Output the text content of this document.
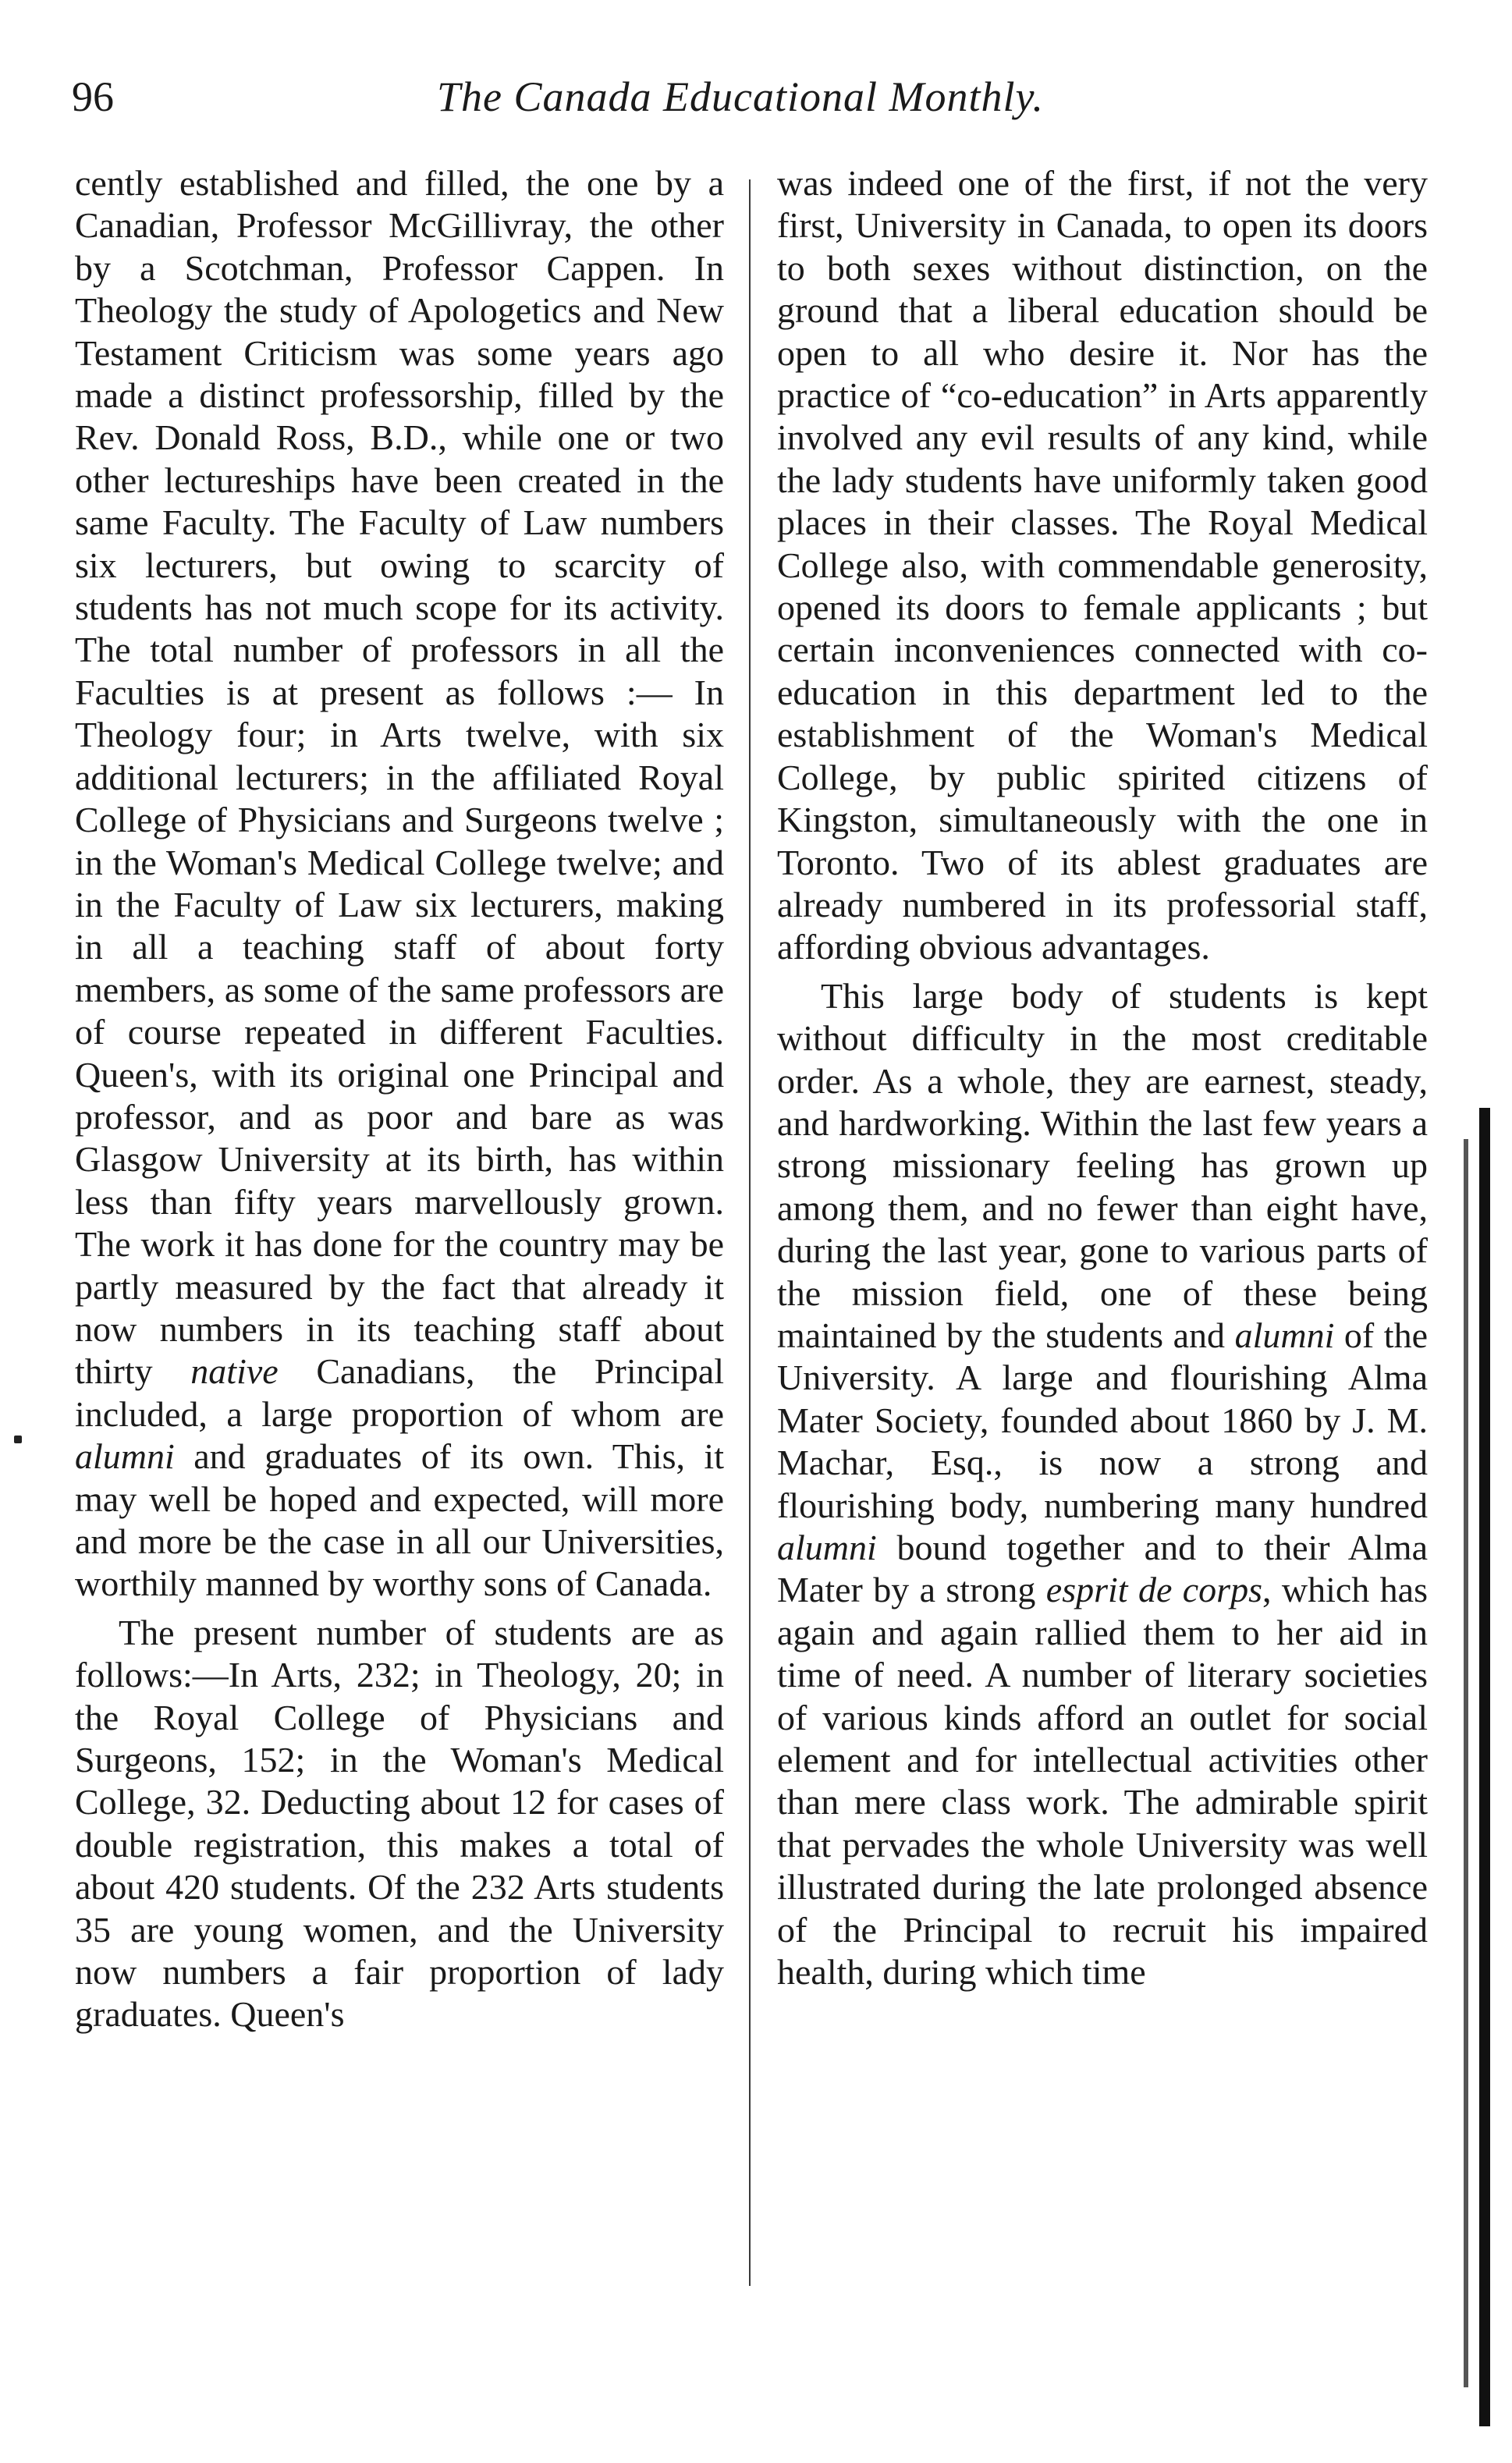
96	The Canada Educational Monthly.

cently established and filled, the one by a Canadian, Professor McGillivray, the other by a Scotchman, Professor Cappen. In Theology the study of Apologetics and New Testament Criticism was some years ago made a distinct professorship, filled by the Rev. Donald Ross, B.D., while one or two other lectureships have been created in the same Faculty. The Faculty of Law numbers six lecturers, but owing to scarcity of students has not much scope for its activity. The total number of professors in all the Faculties is at present as follows :— In Theology four; in Arts twelve, with six additional lecturers; in the affiliated Royal College of Physicians and Surgeons twelve ; in the Woman's Medical College twelve; and in the Faculty of Law six lecturers, making in all a teaching staff of about forty members, as some of the same professors are of course repeated in different Faculties. Queen's, with its original one Principal and professor, and as poor and bare as was Glasgow University at its birth, has within less than fifty years marvellously grown. The work it has done for the country may be partly measured by the fact that already it now numbers in its teaching staff about thirty native Canadians, the Principal included, a large proportion of whom are alumni and graduates of its own. This, it may well be hoped and expected, will more and more be the case in all our Universities, worthily manned by worthy sons of Canada.

The present number of students are as follows:—In Arts, 232; in Theology, 20; in the Royal College of Physicians and Surgeons, 152; in the Woman's Medical College, 32. Deducting about 12 for cases of double registration, this makes a total of about 420 students. Of the 232 Arts students 35 are young women, and the University now numbers a fair proportion of lady graduates. Queen's

was indeed one of the first, if not the very first, University in Canada, to open its doors to both sexes without distinction, on the ground that a liberal education should be open to all who desire it. Nor has the practice of “co-education” in Arts apparently involved any evil results of any kind, while the lady students have uniformly taken good places in their classes. The Royal Medical College also, with commendable generosity, opened its doors to female applicants ; but certain inconveniences connected with co-education in this department led to the establishment of the Woman's Medical College, by public spirited citizens of Kingston, simultaneously with the one in Toronto. Two of its ablest graduates are already numbered in its professorial staff, affording obvious advantages.

This large body of students is kept without difficulty in the most creditable order. As a whole, they are earnest, steady, and hardworking. Within the last few years a strong missionary feeling has grown up among them, and no fewer than eight have, during the last year, gone to various parts of the mission field, one of these being maintained by the students and alumni of the University. A large and flourishing Alma Mater Society, founded about 1860 by J. M. Machar, Esq., is now a strong and flourishing body, numbering many hundred alumni bound together and to their Alma Mater by a strong esprit de corps, which has again and again rallied them to her aid in time of need. A number of literary societies of various kinds afford an outlet for social element and for intellectual activities other than mere class work. The admirable spirit that pervades the whole University was well illustrated during the late prolonged absence of the Principal to recruit his impaired health, during which time
